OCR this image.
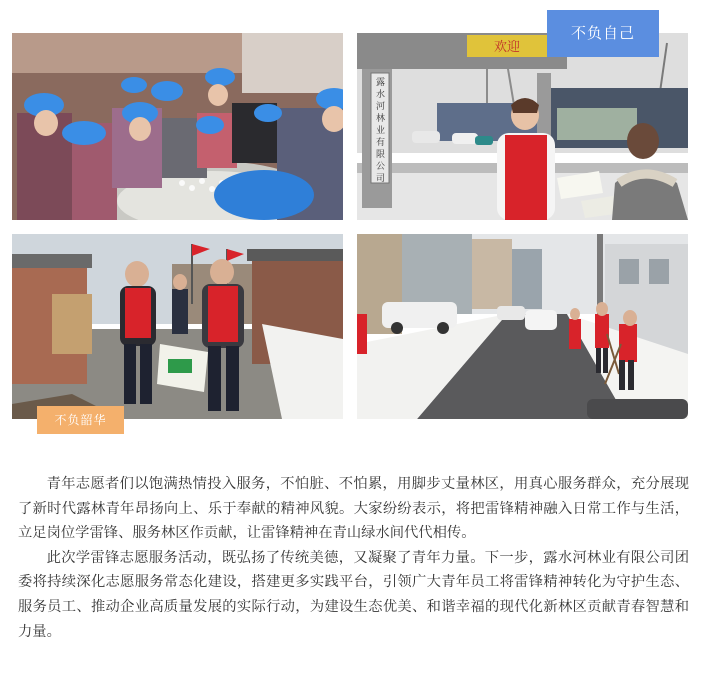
欢迎
露 水 河 林 业 有 限 公 司
不负自己
不负韶华

青年志愿者们以饱满热情投入服务，不怕脏、不怕累，用脚步丈量林区，用真心服务群众，充分展现了新时代露林青年昂扬向上、乐于奉献的精神风貌。大家纷纷表示，将把雷锋精神融入日常工作与生活，立足岗位学雷锋、服务林区作贡献，让雷锋精神在青山绿水间代代相传。

此次学雷锋志愿服务活动，既弘扬了传统美德，又凝聚了青年力量。下一步，露水河林业有限公司团委将持续深化志愿服务常态化建设，搭建更多实践平台，引领广大青年员工将雷锋精神转化为守护生态、服务员工、推动企业高质量发展的实际行动，为建设生态优美、和谐幸福的现代化新林区贡献青春智慧和力量。
